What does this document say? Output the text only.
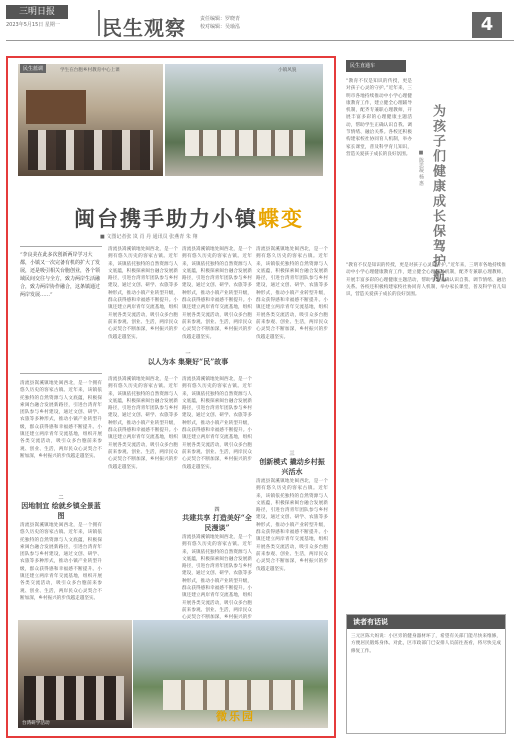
三明日报
2023年5月15日 星期一 民生观察	责任编辑：罗晓青
校对编辑：吴瑜泓	4
民生蓝调	学生在台胞乡村教育中心上课	小镇风貌
闽台携手助力小镇蝶变
■ 文图记者张 岚 肖 丹 通讯员 张燕青 朱 翔
“李良美在此多次创新两岸学习大都，小镇又一次完备有机的扩大了发展，还是吸引相关台胞创业，各个领域民间交往与全方，致力两岸生活融合，致力两岸协作融合，这条镇通过两岸发展……”
清流县嵩溪镇地处闽西北，是一个拥有悠久历史的客家古镇。近年来，该镇依托独特的自然资源与人文底蕴，积极探索闽台融合发展新路径，引进台湾青年团队参与乡村建设，通过文创、研学、农旅等多种形式，推动小镇产业转型升级，群众获得感和幸福感不断提升。小镇还建立两岸青年交流基地，组织开展各类交流活动，吸引众多台胞前来参观、创业、生活，两岸民众心灵契合不断加深，乡村振兴的步伐越走越坚实。
清流县嵩溪镇地处闽西北，是一个拥有悠久历史的客家古镇。近年来，该镇依托独特的自然资源与人文底蕴，积极探索闽台融合发展新路径，引进台湾青年团队参与乡村建设，通过文创、研学、农旅等多种形式，推动小镇产业转型升级，群众获得感和幸福感不断提升。小镇还建立两岸青年交流基地，组织开展各类交流活动，吸引众多台胞前来参观、创业、生活，两岸民众心灵契合不断加深，乡村振兴的步伐越走越坚实。
清流县嵩溪镇地处闽西北，是一个拥有悠久历史的客家古镇。近年来，该镇依托独特的自然资源与人文底蕴，积极探索闽台融合发展新路径，引进台湾青年团队参与乡村建设，通过文创、研学、农旅等多种形式，推动小镇产业转型升级，群众获得感和幸福感不断提升。小镇还建立两岸青年交流基地，组织开展各类交流活动，吸引众多台胞前来参观、创业、生活，两岸民众心灵契合不断加深，乡村振兴的步伐越走越坚实。
一
以人为本 集聚好“民”故事
清流县嵩溪镇地处闽西北，是一个拥有悠久历史的客家古镇。近年来，该镇依托独特的自然资源与人文底蕴，积极探索闽台融合发展新路径，引进台湾青年团队参与乡村建设，通过文创、研学、农旅等多种形式，推动小镇产业转型升级，群众获得感和幸福感不断提升。小镇还建立两岸青年交流基地，组织开展各类交流活动，吸引众多台胞前来参观、创业、生活，两岸民众心灵契合不断加深，乡村振兴的步伐越走越坚实。
清流县嵩溪镇地处闽西北，是一个拥有悠久历史的客家古镇。近年来，该镇依托独特的自然资源与人文底蕴，积极探索闽台融合发展新路径，引进台湾青年团队参与乡村建设，通过文创、研学、农旅等多种形式，推动小镇产业转型升级，群众获得感和幸福感不断提升。小镇还建立两岸青年交流基地，组织开展各类交流活动，吸引众多台胞前来参观、创业、生活，两岸民众心灵契合不断加深，乡村振兴的步伐越走越坚实。
清流县嵩溪镇地处闽西北，是一个拥有悠久历史的客家古镇。近年来，该镇依托独特的自然资源与人文底蕴，积极探索闽台融合发展新路径，引进台湾青年团队参与乡村建设，通过文创、研学、农旅等多种形式，推动小镇产业转型升级，群众获得感和幸福感不断提升。小镇还建立两岸青年交流基地，组织开展各类交流活动，吸引众多台胞前来参观、创业、生活，两岸民众心灵契合不断加深，乡村振兴的步伐越走越坚实。
三
创新模式 撬动乡村振兴活水
清流县嵩溪镇地处闽西北，是一个拥有悠久历史的客家古镇。近年来，该镇依托独特的自然资源与人文底蕴，积极探索闽台融合发展新路径，引进台湾青年团队参与乡村建设，通过文创、研学、农旅等多种形式，推动小镇产业转型升级，群众获得感和幸福感不断提升。小镇还建立两岸青年交流基地，组织开展各类交流活动，吸引众多台胞前来参观、创业、生活，两岸民众心灵契合不断加深，乡村振兴的步伐越走越坚实。
二
因地制宜 绘就乡镇全景蓝图
清流县嵩溪镇地处闽西北，是一个拥有悠久历史的客家古镇。近年来，该镇依托独特的自然资源与人文底蕴，积极探索闽台融合发展新路径，引进台湾青年团队参与乡村建设，通过文创、研学、农旅等多种形式，推动小镇产业转型升级，群众获得感和幸福感不断提升。小镇还建立两岸青年交流基地，组织开展各类交流活动，吸引众多台胞前来参观、创业、生活，两岸民众心灵契合不断加深，乡村振兴的步伐越走越坚实。
四
共建共享 打造美好“全民漫谈”
清流县嵩溪镇地处闽西北，是一个拥有悠久历史的客家古镇。近年来，该镇依托独特的自然资源与人文底蕴，积极探索闽台融合发展新路径，引进台湾青年团队参与乡村建设，通过文创、研学、农旅等多种形式，推动小镇产业转型升级，群众获得感和幸福感不断提升。小镇还建立两岸青年交流基地，组织开展各类交流活动，吸引众多台胞前来参观、创业、生活，两岸民众心灵契合不断加深，乡村振兴的步
台湾研学活动
微乐园
民生直通车
为孩子们健康成长保驾护航
■ 陈思凝 杨 惠
“教育不仅是知识的传授，更是对孩子心灵的守护。”近年来，三明市各地持续推动中小学心理健康教育工作，建立健全心理辅导机制，配齐专兼职心理教师，开展丰富多彩的心理健康主题活动，帮助学生正确认识自我、调节情绪、融洽关系。各校还积极构建家校社协同育人机制，举办家长课堂，普及科学育儿知识，营造关爱孩子成长的良好氛围。
“教育不仅是知识的传授，更是对孩子心灵的守护。”近年来，三明市各地持续推动中小学心理健康教育工作，建立健全心理辅导机制，配齐专兼职心理教师，开展丰富多彩的心理健康主题活动，帮助学生正确认识自我、调节情绪、融洽关系。各校还积极构建家校社协同育人机制，举办家长课堂，普及科学育儿知识，营造关爱孩子成长的良好氛围。
读者有话说
三元区陈大妈说：小区旁的健身器材坏了，希望有关部门能尽快来维修，方便居民锻炼身体。对此，区市政部门已安排人员前往查看，将尽快完成修复工作。
